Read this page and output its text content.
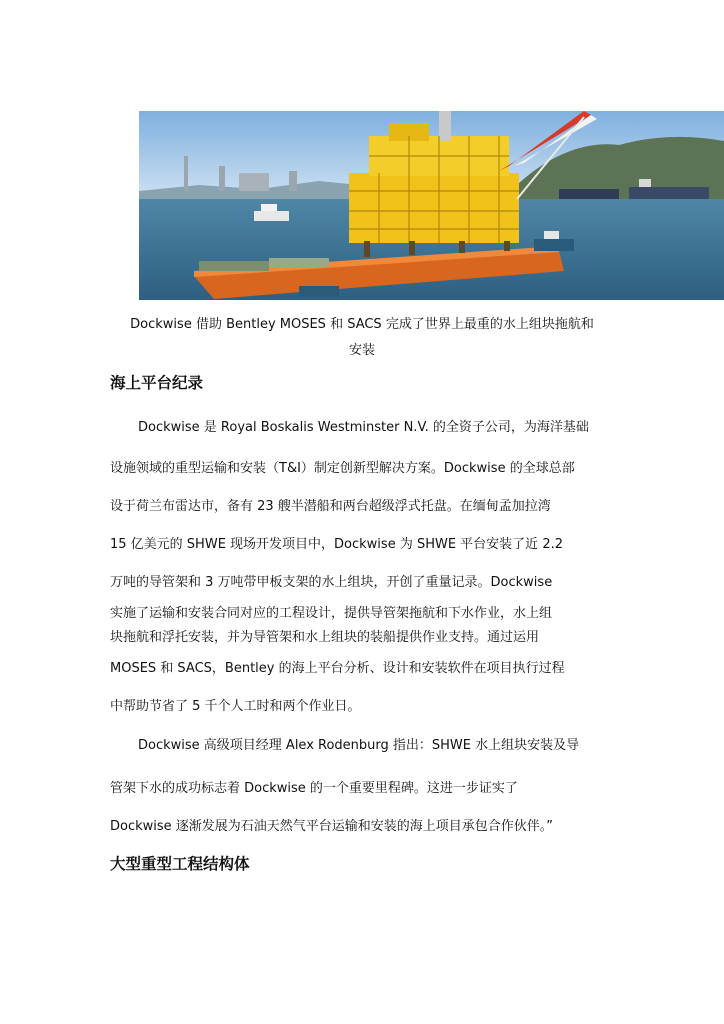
Dockwise 借助 Bentley MOSES 和 SACS 完成了世界上最重的水上组块拖航和
安装

海上平台纪录
Dockwise 是 Royal Boskalis Westminster N.V. 的全资子公司，为海洋基础
设施领域的重型运输和安装（T&I）制定创新型解决方案。Dockwise 的全球总部
设于荷兰布雷达市，备有 23 艘半潜船和两台超级浮式托盘。在缅甸孟加拉湾
15 亿美元的 SHWE 现场开发项目中，Dockwise 为 SHWE 平台安装了近 2.2
万吨的导管架和 3 万吨带甲板支架的水上组块，开创了重量记录。Dockwise
实施了运输和安装合同对应的工程设计，提供导管架拖航和下水作业，水上组
块拖航和浮托安装，并为导管架和水上组块的装船提供作业支持。通过运用
MOSES 和 SACS，Bentley 的海上平台分析、设计和安装软件在项目执行过程
中帮助节省了 5 千个人工时和两个作业日。
Dockwise 高级项目经理 Alex Rodenburg 指出：SHWE 水上组块安装及导
管架下水的成功标志着 Dockwise 的一个重要里程碑。这进一步证实了
Dockwise 逐渐发展为石油天然气平台运输和安装的海上项目承包合作伙伴。”
大型重型工程结构体
